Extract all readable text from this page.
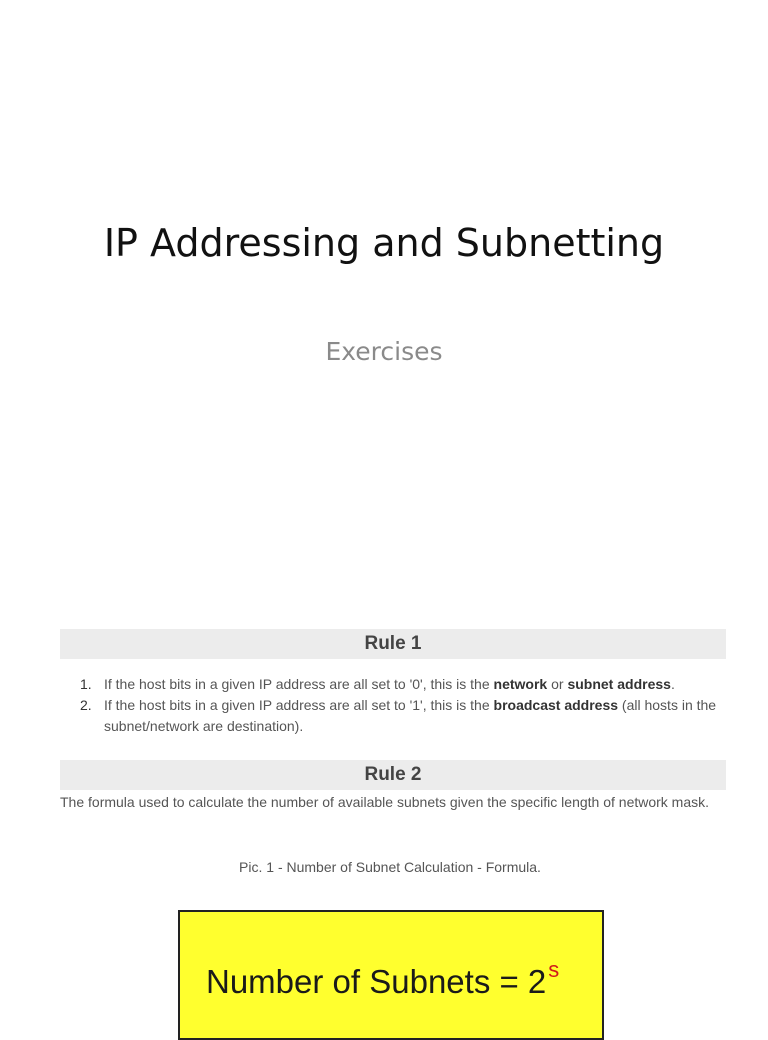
IP Addressing and Subnetting
Exercises
Rule 1
1. If the host bits in a given IP address are all set to '0', this is the network or subnet address.
2. If the host bits in a given IP address are all set to '1', this is the broadcast address (all hosts in the subnet/network are destination).
Rule 2
The formula used to calculate the number of available subnets given the specific length of network mask.
Pic. 1 - Number of Subnet Calculation - Formula.
Number of Subnets = $2^s$
